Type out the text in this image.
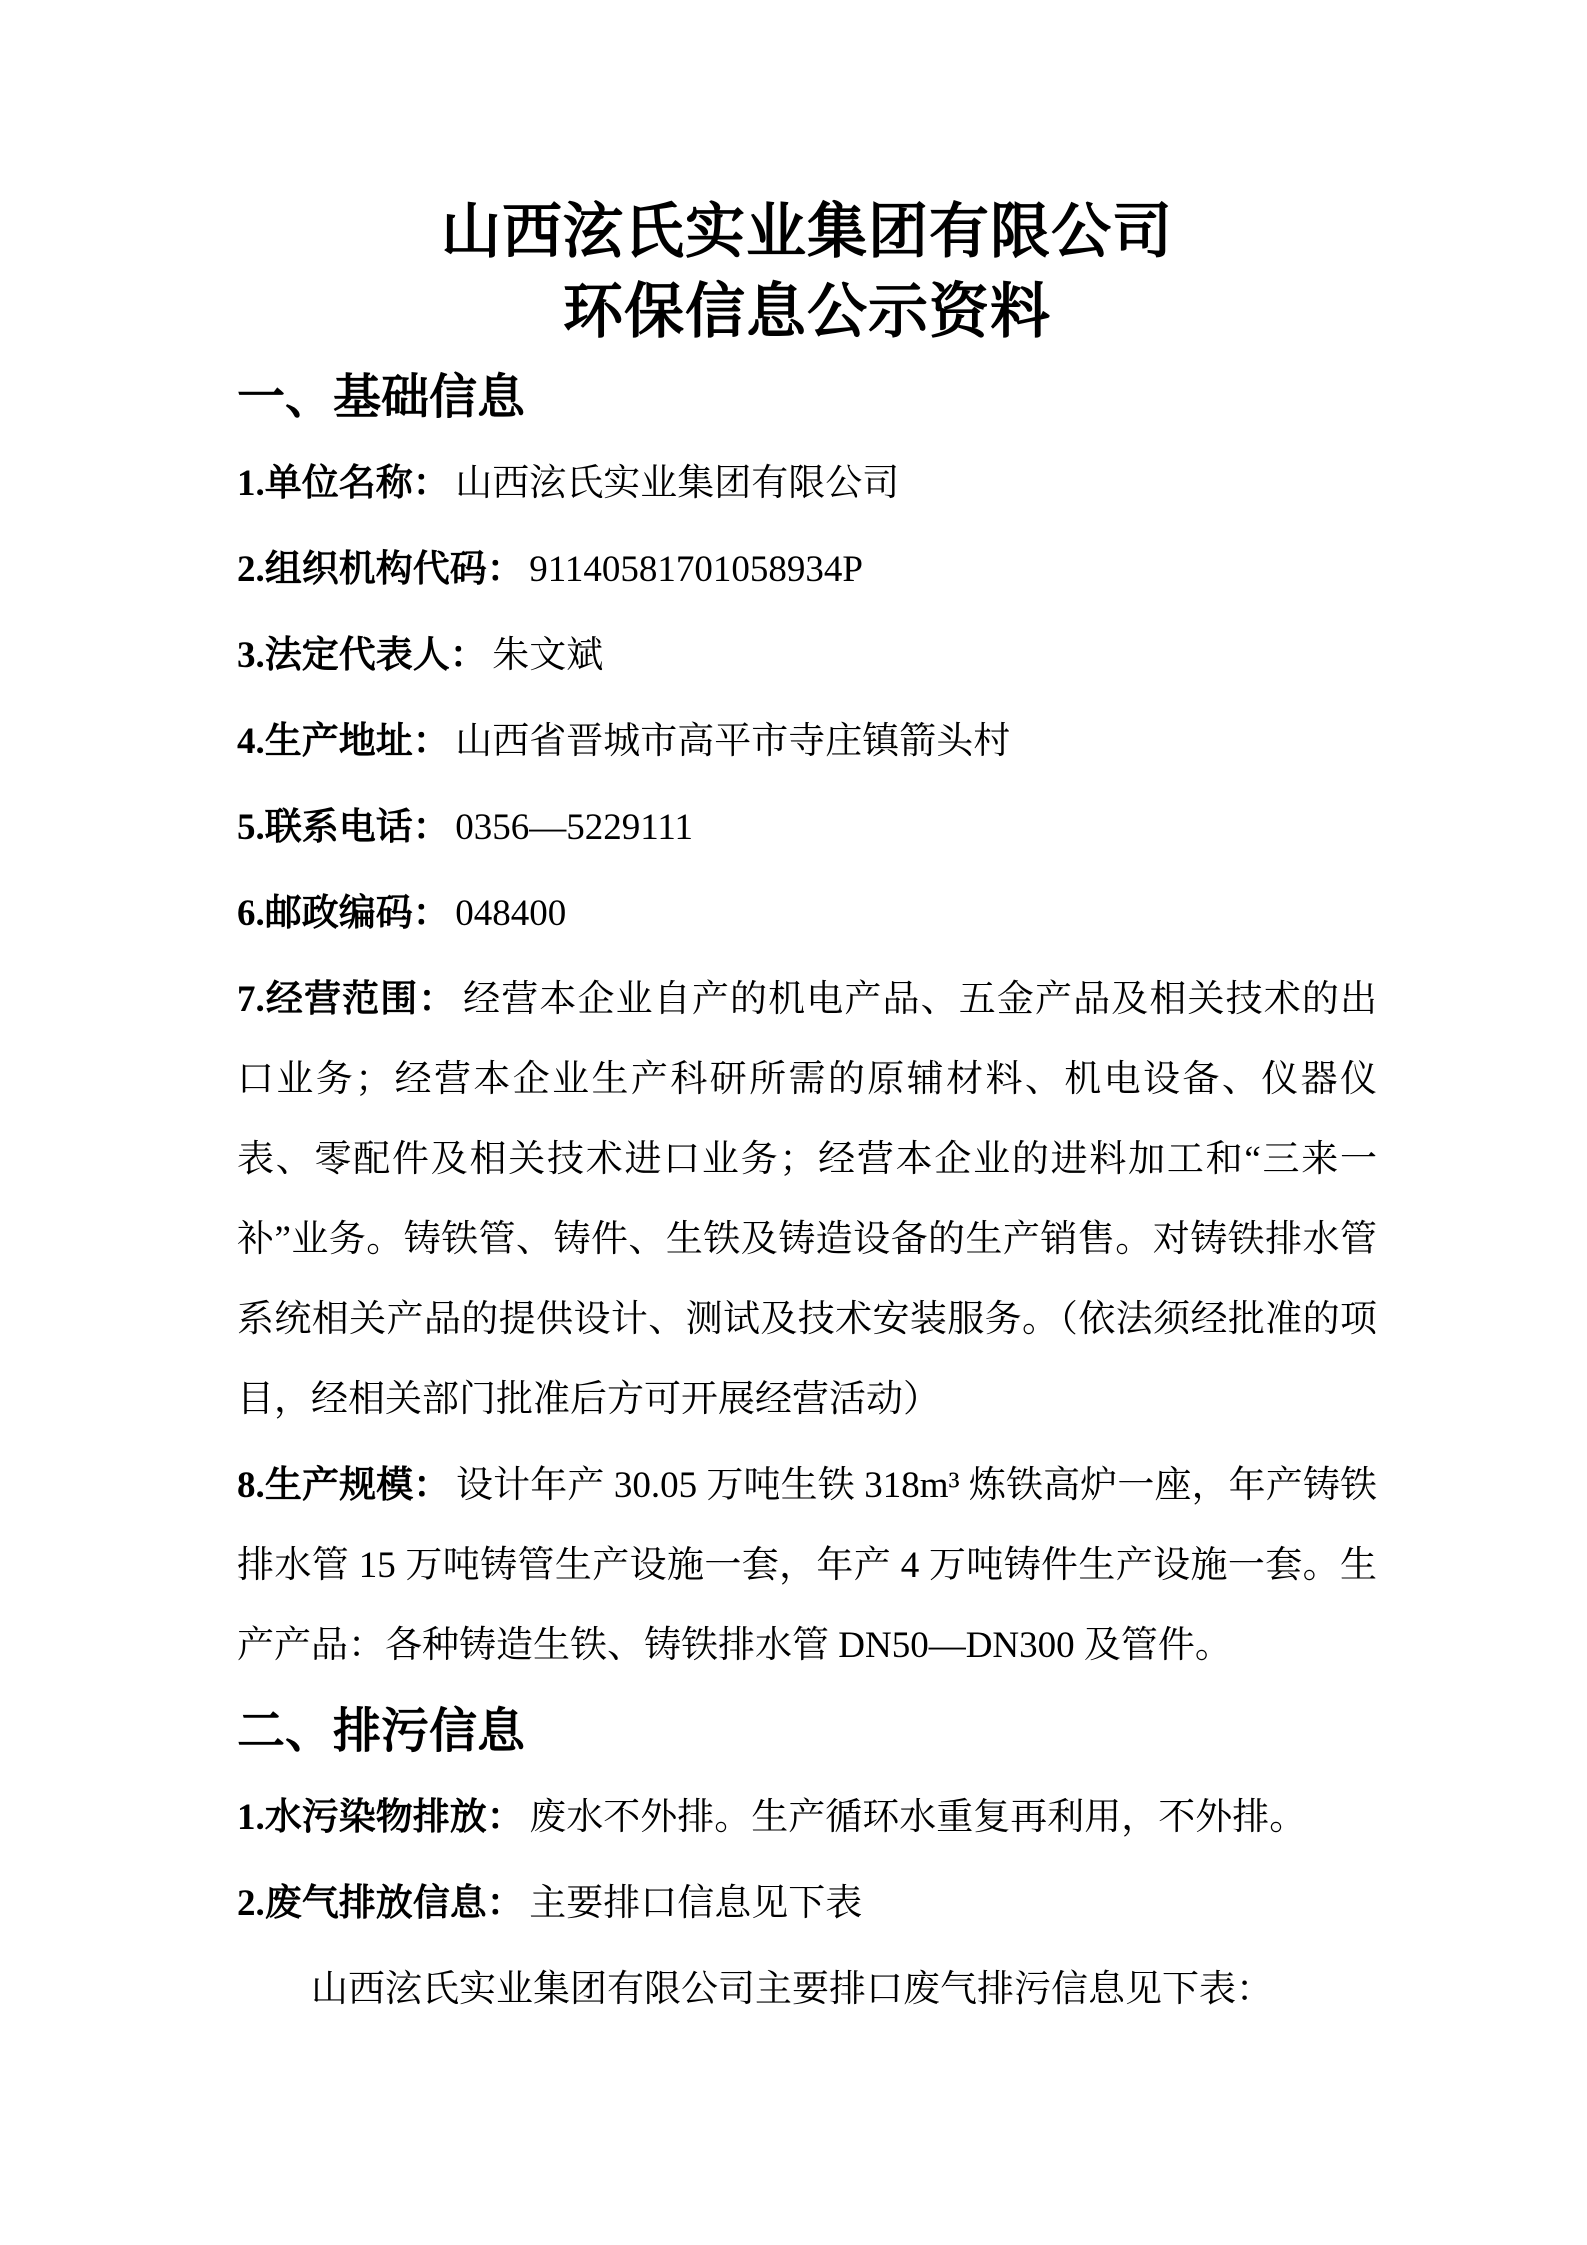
山西泫氏实业集团有限公司
环保信息公示资料
一、基础信息

1.单位名称： 山西泫氏实业集团有限公司

2.组织机构代码： 91140581701058934P

3.法定代表人： 朱文斌

4.生产地址： 山西省晋城市高平市寺庄镇箭头村

5.联系电话： 0356—5229111

6.邮政编码： 048400

7.经营范围： 经营本企业自产的机电产品、五金产品及相关技术的出口业务；经营本企业生产科研所需的原辅材料、机电设备、仪器仪表、零配件及相关技术进口业务；经营本企业的进料加工和“三来一补”业务。铸铁管、铸件、生铁及铸造设备的生产销售。对铸铁排水管系统相关产品的提供设计、测试及技术安装服务。（依法须经批准的项目，经相关部门批准后方可开展经营活动）

8.生产规模： 设计年产 30.05 万吨生铁 318m³ 炼铁高炉一座，年产铸铁排水管 15 万吨铸管生产设施一套，年产 4 万吨铸件生产设施一套。生产产品：各种铸造生铁、铸铁排水管 DN50—DN300 及管件。

二、排污信息

1.水污染物排放： 废水不外排。生产循环水重复再利用，不外排。

2.废气排放信息： 主要排口信息见下表

山西泫氏实业集团有限公司主要排口废气排污信息见下表：
